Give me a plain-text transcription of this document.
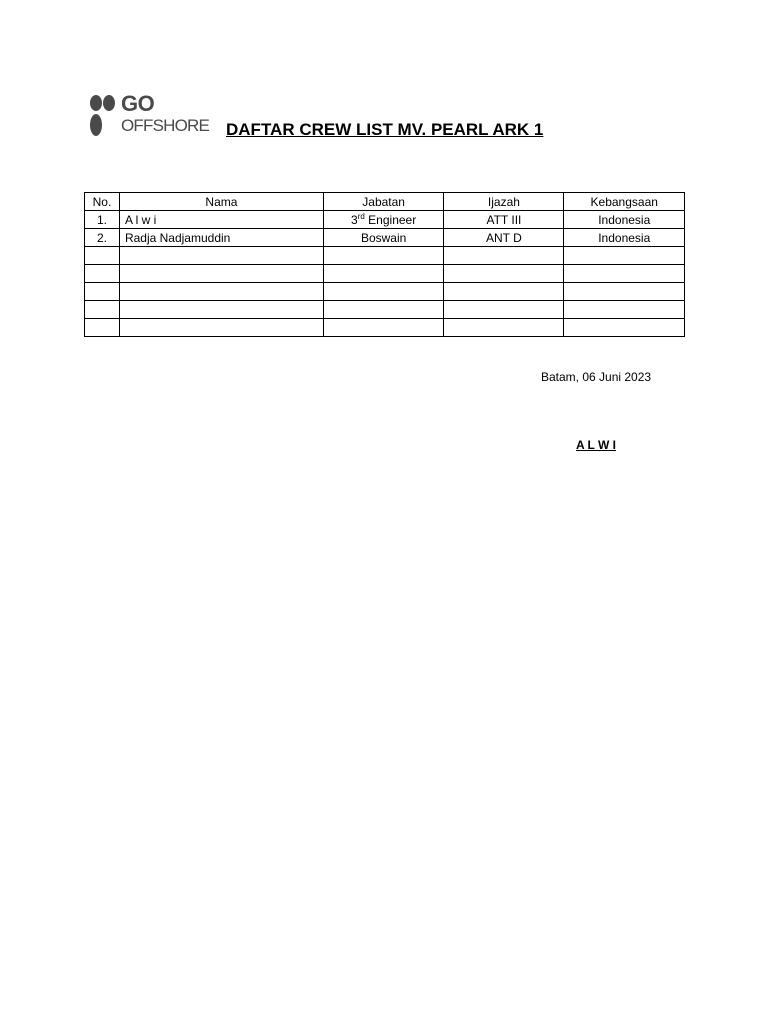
GO
OFFSHORE DAFTAR CREW LIST MV. PEARL ARK 1
No.	Nama	Jabatan	Ijazah	Kebangsaan
1.	A l w i	3rd Engineer	ATT III	Indonesia
2.	Radja Nadjamuddin	Boswain	ANT D	Indonesia

Batam, 06 Juni 2023
A L W I
